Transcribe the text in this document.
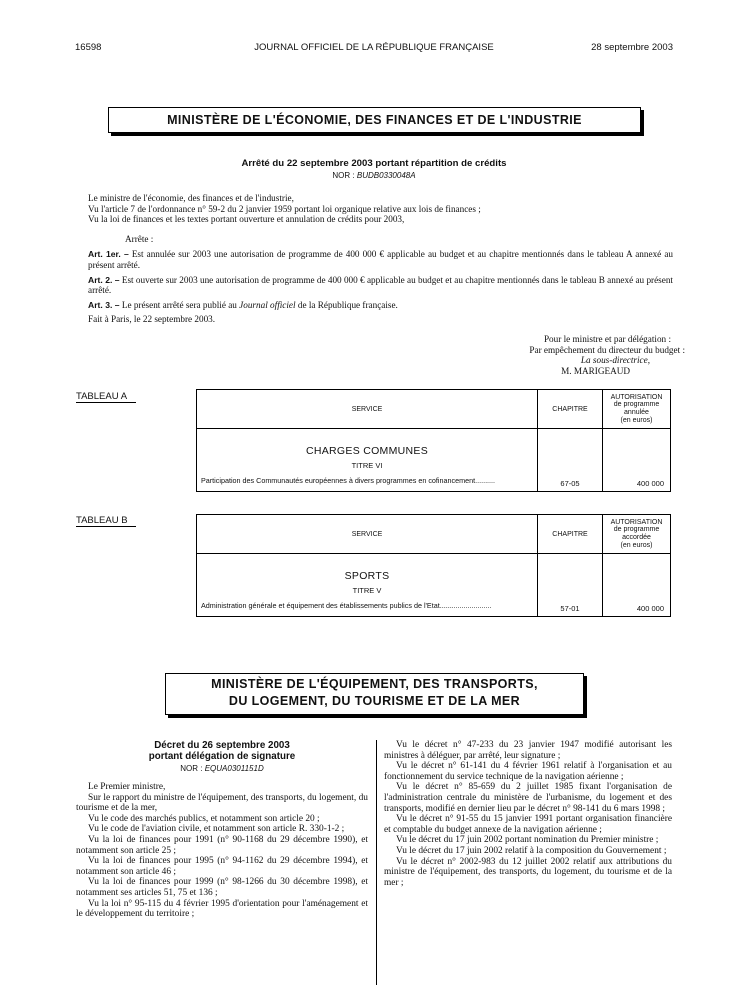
16598	JOURNAL OFFICIEL DE LA RÉPUBLIQUE FRANÇAISE	28 septembre 2003
MINISTÈRE DE L'ÉCONOMIE, DES FINANCES ET DE L'INDUSTRIE
Arrêté du 22 septembre 2003 portant répartition de crédits
NOR : BUDB0330048A

Le ministre de l'économie, des finances et de l'industrie,

Vu l'article 7 de l'ordonnance n° 59-2 du 2 janvier 1959 portant loi organique relative aux lois de finances ;

Vu la loi de finances et les textes portant ouverture et annulation de crédits pour 2003,

Arrête :

Art. 1er. – Est annulée sur 2003 une autorisation de programme de 400 000 € applicable au budget et au chapitre mentionnés dans le tableau A annexé au présent arrêté.

Art. 2. – Est ouverte sur 2003 une autorisation de programme de 400 000 € applicable au budget et au chapitre mentionnés dans le tableau B annexé au présent arrêté.

Art. 3. – Le présent arrêté sera publié au Journal officiel de la République française.

Fait à Paris, le 22 septembre 2003.

Pour le ministre et par délégation :
Par empêchement du directeur du budget :
La sous-directrice,
M. MARIGEAUD
TABLEAU A
SERVICE	CHAPITRE	AUTORISATION
de programme
annulée
(en euros)

CHARGES COMMUNES
TITRE VI
Participation des Communautés européennes à divers programmes en cofinancement..........	67-05	400 000
TABLEAU B
SERVICE	CHAPITRE	AUTORISATION
de programme
accordée
(en euros)

SPORTS
TITRE V
Administration générale et équipement des établissements publics de l'Etat..........................	57-01	400 000
MINISTÈRE DE L'ÉQUIPEMENT, DES TRANSPORTS,
DU LOGEMENT, DU TOURISME ET DE LA MER
Décret du 26 septembre 2003
portant délégation de signature
NOR : EQUA0301151D

Le Premier ministre,

Sur le rapport du ministre de l'équipement, des transports, du logement, du tourisme et de la mer,

Vu le code des marchés publics, et notamment son article 20 ;

Vu le code de l'aviation civile, et notamment son article R. 330-1-2 ;

Vu la loi de finances pour 1991 (n° 90-1168 du 29 décembre 1990), et notamment son article 25 ;

Vu la loi de finances pour 1995 (n° 94-1162 du 29 décembre 1994), et notamment son article 46 ;

Vu la loi de finances pour 1999 (n° 98-1266 du 30 décembre 1998), et notamment ses articles 51, 75 et 136 ;

Vu la loi n° 95-115 du 4 février 1995 d'orientation pour l'aménagement et le développement du territoire ;

Vu le décret n° 47-233 du 23 janvier 1947 modifié autorisant les ministres à déléguer, par arrêté, leur signature ;

Vu le décret n° 61-141 du 4 février 1961 relatif à l'organisation et au fonctionnement du service technique de la navigation aérienne ;

Vu le décret n° 85-659 du 2 juillet 1985 fixant l'organisation de l'administration centrale du ministère de l'urbanisme, du logement et des transports, modifié en dernier lieu par le décret n° 98-141 du 6 mars 1998 ;

Vu le décret n° 91-55 du 15 janvier 1991 portant organisation financière et comptable du budget annexe de la navigation aérienne ;

Vu le décret du 17 juin 2002 portant nomination du Premier ministre ;

Vu le décret du 17 juin 2002 relatif à la composition du Gouvernement ;

Vu le décret n° 2002-983 du 12 juillet 2002 relatif aux attributions du ministre de l'équipement, des transports, du logement, du tourisme et de la mer ;
